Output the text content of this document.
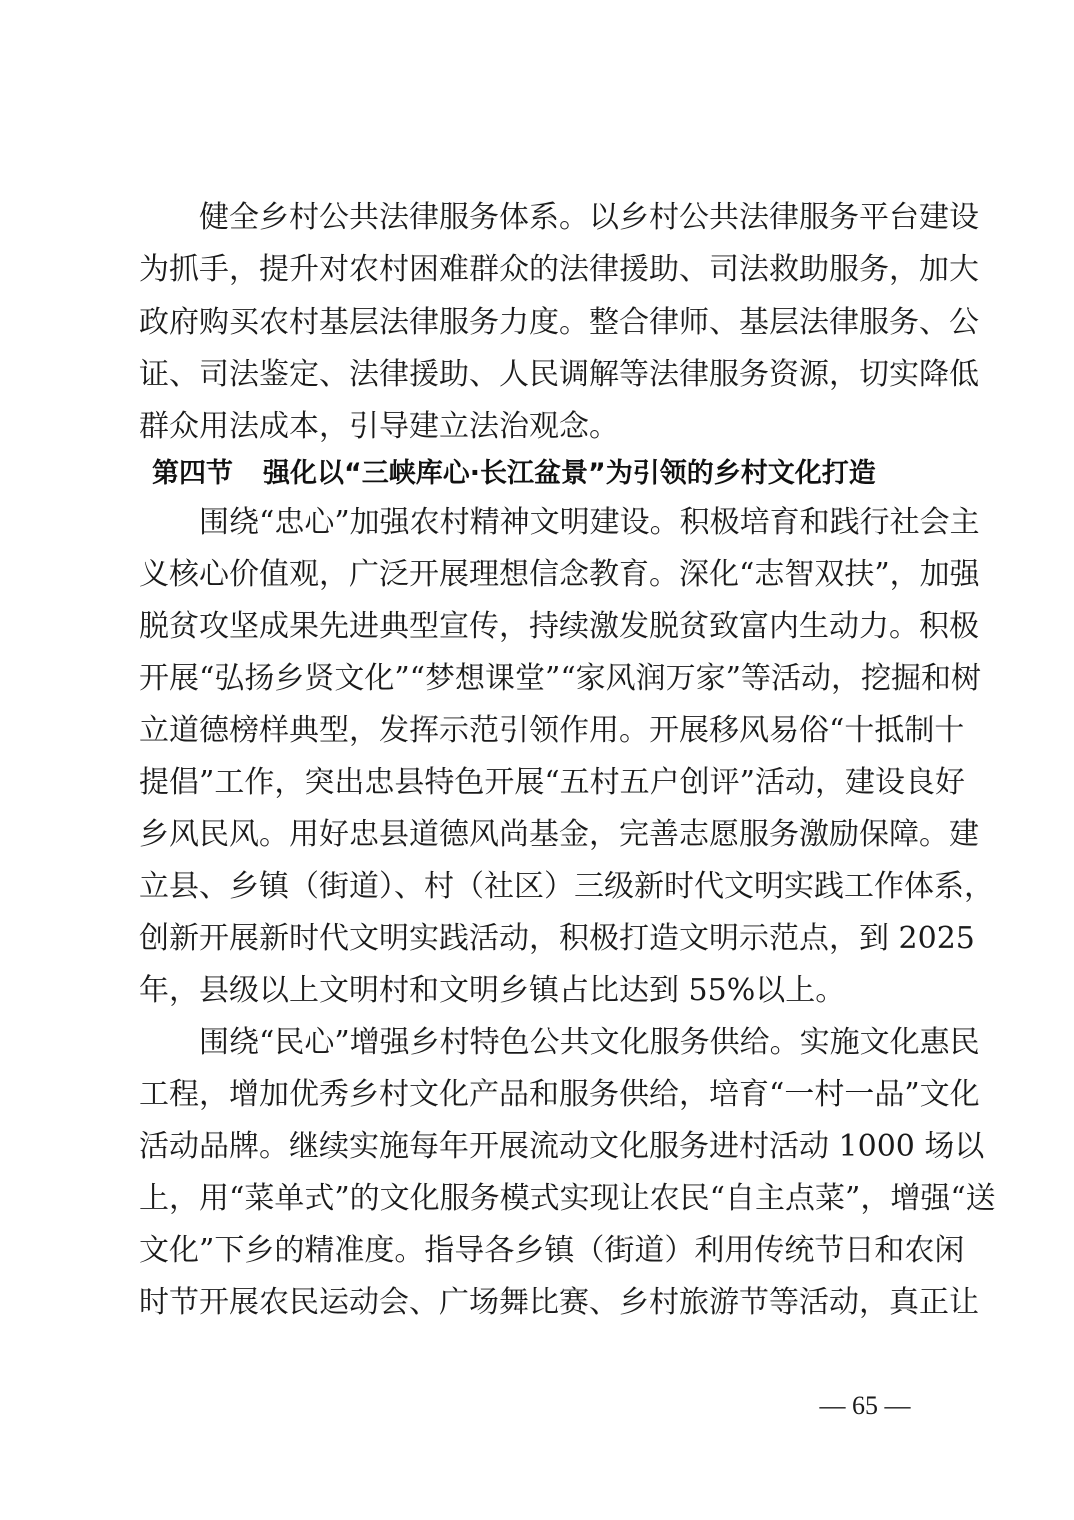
健全乡村公共法律服务体系。以乡村公共法律服务平台建设
为抓手，提升对农村困难群众的法律援助、司法救助服务，加大
政府购买农村基层法律服务力度。整合律师、基层法律服务、公
证、司法鉴定、法律援助、人民调解等法律服务资源，切实降低
群众用法成本，引导建立法治观念。
第四节 强化以“三峡库心·长江盆景”为引领的乡村文化打造
围绕“忠心”加强农村精神文明建设。积极培育和践行社会主
义核心价值观，广泛开展理想信念教育。深化“志智双扶”，加强
脱贫攻坚成果先进典型宣传，持续激发脱贫致富内生动力。积极
开展“弘扬乡贤文化”“梦想课堂”“家风润万家”等活动，挖掘和树
立道德榜样典型，发挥示范引领作用。开展移风易俗“十抵制十
提倡”工作，突出忠县特色开展“五村五户创评”活动，建设良好
乡风民风。用好忠县道德风尚基金，完善志愿服务激励保障。建
立县、乡镇（街道）、村（社区）三级新时代文明实践工作体系，
创新开展新时代文明实践活动，积极打造文明示范点，到 2025
年，县级以上文明村和文明乡镇占比达到 55%以上。
围绕“民心”增强乡村特色公共文化服务供给。实施文化惠民
工程，增加优秀乡村文化产品和服务供给，培育“一村一品”文化
活动品牌。继续实施每年开展流动文化服务进村活动 1000 场以
上，用“菜单式”的文化服务模式实现让农民“自主点菜”，增强“送
文化”下乡的精准度。指导各乡镇（街道）利用传统节日和农闲
时节开展农民运动会、广场舞比赛、乡村旅游节等活动，真正让
— 65 —
